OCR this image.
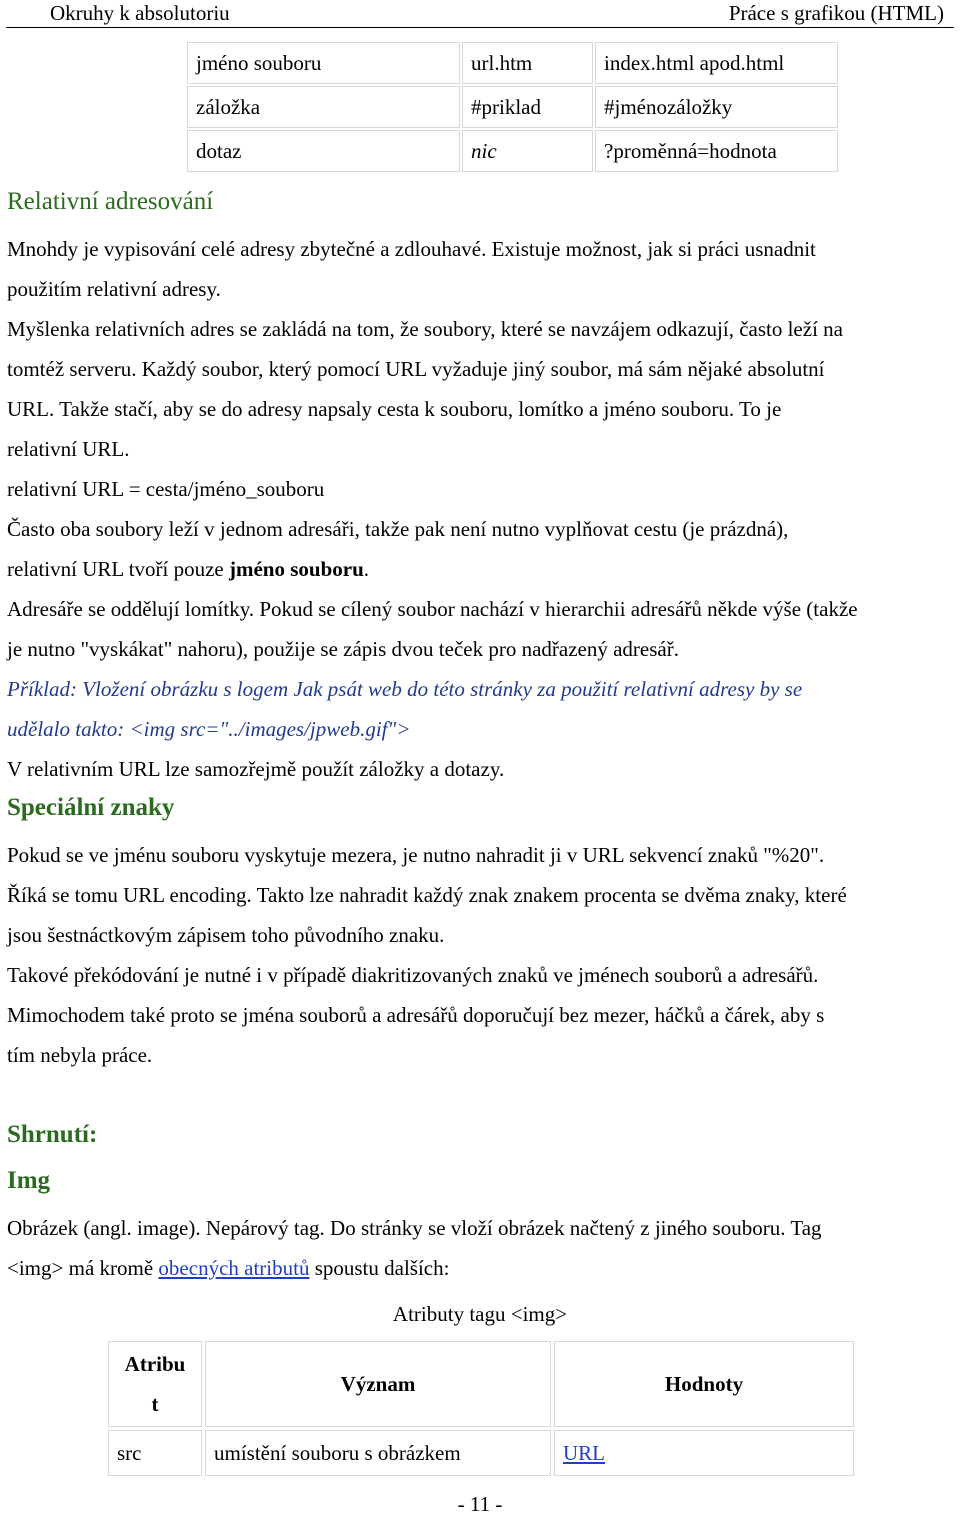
Okruhy k absolutoriu	Práce s grafikou (HTML)
jméno souboru	url.htm	index.html apod.html
záložka	#priklad	#jménozáložky
dotaz	nic	?proměnná=hodnota
Relativní adresování
Mnohdy je vypisování celé adresy zbytečné a zdlouhavé. Existuje možnost, jak si práci usnadnit
použitím relativní adresy.
Myšlenka relativních adres se zakládá na tom, že soubory, které se navzájem odkazují, často leží na
tomtéž serveru. Každý soubor, který pomocí URL vyžaduje jiný soubor, má sám nějaké absolutní
URL. Takže stačí, aby se do adresy napsaly cesta k souboru, lomítko a jméno souboru. To je
relativní URL.
relativní URL = cesta/jméno_souboru
Často oba soubory leží v jednom adresáři, takže pak není nutno vyplňovat cestu (je prázdná),
relativní URL tvoří pouze jméno souboru.
Adresáře se oddělují lomítky. Pokud se cílený soubor nachází v hierarchii adresářů někde výše (takže
je nutno "vyskákat" nahoru), použije se zápis dvou teček pro nadřazený adresář.
Příklad: Vložení obrázku s logem Jak psát web do této stránky za použití relativní adresy by se
udělalo takto: <img src="../images/jpweb.gif">
V relativním URL lze samozřejmě použít záložky a dotazy.
Speciální znaky
Pokud se ve jménu souboru vyskytuje mezera, je nutno nahradit ji v URL sekvencí znaků "%20".
Říká se tomu URL encoding. Takto lze nahradit každý znak znakem procenta se dvěma znaky, které
jsou šestnáctkovým zápisem toho původního znaku.
Takové překódování je nutné i v případě diakritizovaných znaků ve jménech souborů a adresářů.
Mimochodem také proto se jména souborů a adresářů doporučují bez mezer, háčků a čárek, aby s
tím nebyla práce.
Shrnutí:
Img
Obrázek (angl. image). Nepárový tag. Do stránky se vloží obrázek načtený z jiného souboru. Tag
<img> má kromě obecných atributů spoustu dalších:
Atributy tagu <img>
Atribu
t	Význam	Hodnoty
src	umístění souboru s obrázkem	URL
- 11 -
